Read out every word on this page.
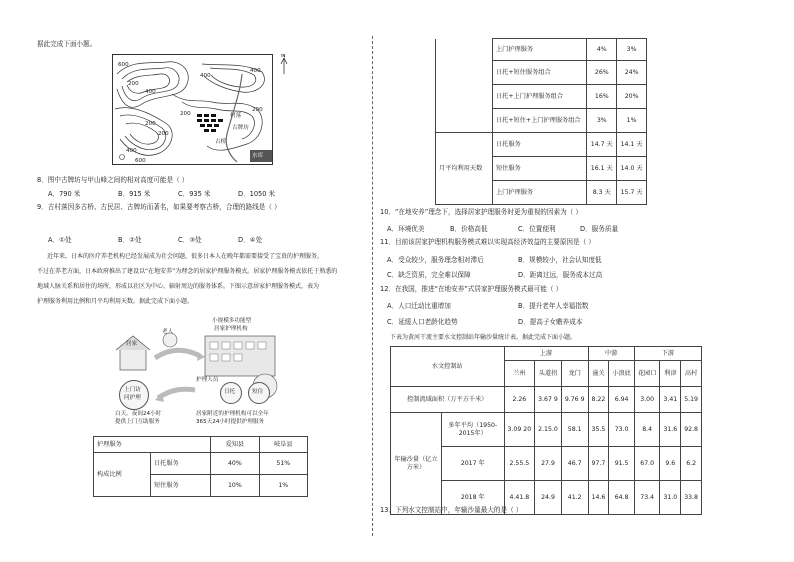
据此完成下面小题。
N
600
400
400
200
400
200
200
200
200
400
600
村落
古牌坊
古桥
水库
8．图中古牌坊与甲山峰之间的相对高度可能是（ ）
A．790 米	B．915 米	C．935 米	D．1050 米
9．古村落因多古桥、古民居、古牌坊而著名，如果要考察古桥，合理的路线是（ ）
A．①处	B．②处	C．③处	D．④处
近年来，日本的医疗养老机构已经发展成为社会问题，很多日本人在晚年都需要接受了宝贵的护理服务，
不过在养老方面，日本政府推出了建设以“在地安养”为理念的居家护理服务模式。居家护理服务模式依托于熟悉的
地域人脉关系和居住的场所，形成以社区为中心、辐射周边的服务体系。下图示意居家护理服务模式，表为
护理服务利用比例和月平均利用天数。据此完成下面小题。
老人
居家
小规模多功能型
居家护理机构
护理人员
上门访
问护理
日托	短住
白天、夜间24小时
提供上门互助服务
居家附近的护理机构可以全年
365天24小时提供护理服务
护理服务		爱知县	岐阜县
构成比例	日托服务	40%	51%
	短住服务	10%	1%
	上门护理服务	4%	3%
	日托+短住服务组合	26%	24%
	日托+上门护理服务组合	16%	20%
	日托+短住+上门护理服务组合	3%	1%
月平均利用天数	日托服务	14.7 天	14.1 天
	短住服务	16.1 天	14.0 天
	上门护理服务	8.3 天	15.7 天
10．“在地安养”理念下，选择居家护理服务时更为重视的因素为（ ）
A．环境优美	B．价格高低	C．位置便利	D．服务质量
11．目前该居家护理机构服务模式难以实现高经济效益的主要原因是（ ）
A．受众较少，服务理念相对滞后	B．规模较小，社会认知度低
C．缺乏资质，完全难以保障	D．距离过远，服务成本过高
12．在我国，推进“在地安养”式居家护理服务模式最可能（ ）
A．人口迁动比重增加	B．提升老年人幸福指数
C．延缓人口老龄化趋势	D．提高子女赡养成本
下表为黄河干流主要水文控制站年输沙量统计表。据此完成下面小题。
水文控制站		上游			中游		下游		
		兰州	头道拐	龙门	潼关	小浪底	花园口	利津	高村
控制流域面积（万平方千米）		2.26	3.67 9	9.76 9	8.22	6.94	3.00	3.41	5.19
年输沙量（亿立方米）	多年平均（1950-2015年）	3.09 20	2.15.0	58.1	35.5	73.0	8.4	31.6	92.8
	2017 年	2.55.5	27.9	46.7	97.7	91.5	67.0	9.6	6.2
	2018 年	4.41.8	24.9	41.2	14.6	64.8	73.4	31.0	33.8
13．下列水文控制站中，年输沙量最大的是（ ）
